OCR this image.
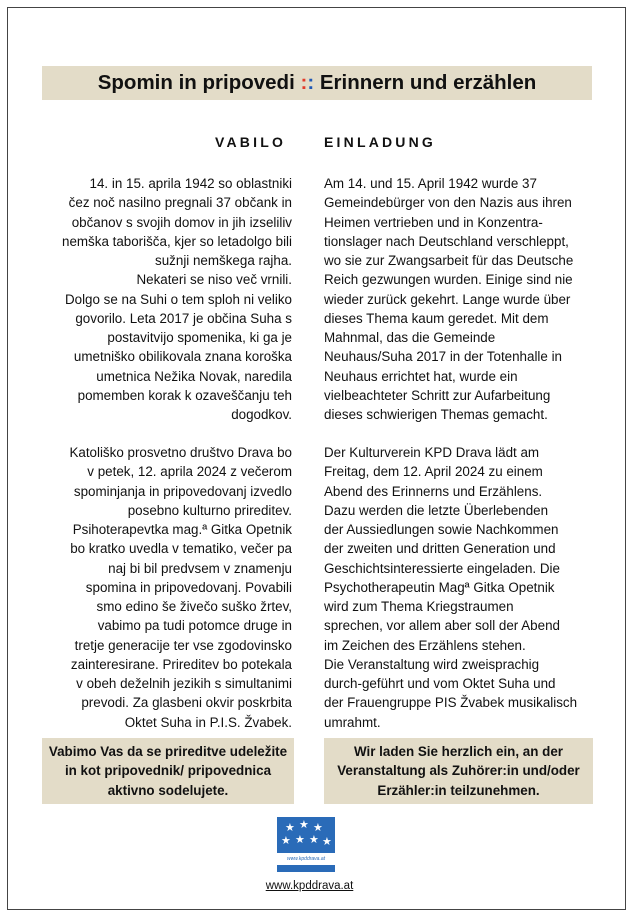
Spomin in pripovedi :: Erinnern und erzählen
VABILO	EINLADUNG

14. in 15. aprila 1942 so oblastniki

čez noč nasilno pregnali 37 občank in

občanov s svojih domov in jih izseliliv

nemška taborišča, kjer so letadolgo bili

sužnji nemškega rajha.

Nekateri se niso več vrnili.

Dolgo se na Suhi o tem sploh ni veliko

govorilo. Leta 2017 je občina Suha s

postavitvijo spomenika, ki ga je

umetniško obilikovala znana koroška

umetnica Nežika Novak, naredila

pomemben korak k ozaveščanju teh

dogodkov.

Katoliško prosvetno društvo Drava bo

v petek, 12. aprila 2024 z večerom

spominjanja in pripovedovanj izvedlo

posebno kulturno prireditev.

Psihoterapevtka mag.ª Gitka Opetnik

bo kratko uvedla v tematiko, večer pa

naj bi bil predvsem v znamenju

spomina in pripovedovanj. Povabili

smo edino še živečo suško žrtev,

vabimo pa tudi potomce druge in

tretje generacije ter vse zgodovinsko

zainteresirane. Prireditev bo potekala

v obeh deželnih jezikih s simultanimi

prevodi. Za glasbeni okvir poskrbita

Oktet Suha in P.I.S. Žvabek.

Am 14. und 15. April 1942 wurde 37

Gemeindebürger von den Nazis aus ihren

Heimen vertrieben und in Konzentra-

tionslager nach Deutschland verschleppt,

wo sie zur Zwangsarbeit für das Deutsche

Reich gezwungen wurden. Einige sind nie

wieder zurück gekehrt. Lange wurde über

dieses Thema kaum geredet. Mit dem

Mahnmal, das die Gemeinde

Neuhaus/Suha 2017 in der Totenhalle in

Neuhaus errichtet hat, wurde ein

vielbeachteter Schritt zur Aufarbeitung

dieses schwierigen Themas gemacht.

Der Kulturverein KPD Drava lädt am

Freitag, dem 12. April 2024 zu einem

Abend des Erinnerns und Erzählens.

Dazu werden die letzte Überlebenden

der Aussiedlungen sowie Nachkommen

der zweiten und dritten Generation und

Geschichtsinteressierte eingeladen. Die

Psychotherapeutin Magª Gitka Opetnik

wird zum Thema Kriegstraumen

sprechen, vor allem aber soll der Abend

im Zeichen des Erzählens stehen.

Die Veranstaltung wird zweisprachig

durch-geführt und vom Oktet Suha und

der Frauengruppe PIS Žvabek musikalisch

umrahmt.

Vabimo Vas da se prireditve udeležite

in kot pripovednik/ pripovednica

aktivno sodelujete.

Wir laden Sie herzlich ein, an der

Veranstaltung als Zuhörer:in und/oder

Erzähler:in teilzunehmen.

★ ★ ★
★ ★ ★ ★
www.kpddrava.at
www.kpddrava.at
